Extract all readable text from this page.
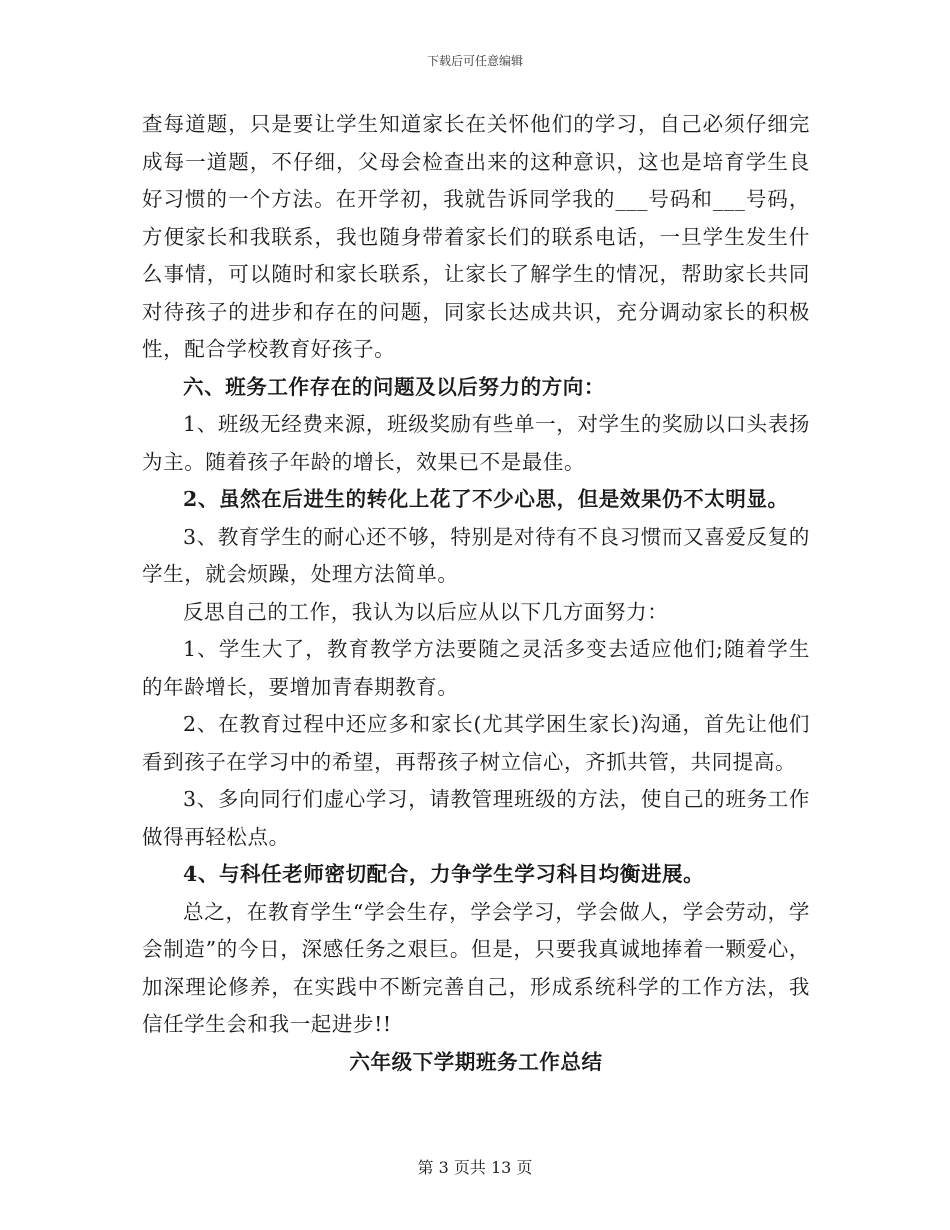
下载后可任意编辑

查每道题，只是要让学生知道家长在关怀他们的学习，自己必须仔细完成每一道题，不仔细，父母会检查出来的这种意识，这也是培育学生良好习惯的一个方法。在开学初，我就告诉同学我的___号码和___号码，方便家长和我联系，我也随身带着家长们的联系电话，一旦学生发生什么事情，可以随时和家长联系，让家长了解学生的情况，帮助家长共同对待孩子的进步和存在的问题，同家长达成共识，充分调动家长的积极性，配合学校教育好孩子。

六、班务工作存在的问题及以后努力的方向：

1、班级无经费来源，班级奖励有些单一，对学生的奖励以口头表扬为主。随着孩子年龄的增长，效果已不是最佳。

2、虽然在后进生的转化上花了不少心思，但是效果仍不太明显。

3、教育学生的耐心还不够，特别是对待有不良习惯而又喜爱反复的学生，就会烦躁，处理方法简单。

反思自己的工作，我认为以后应从以下几方面努力：

1、学生大了，教育教学方法要随之灵活多变去适应他们;随着学生的年龄增长，要增加青春期教育。

2、在教育过程中还应多和家长(尤其学困生家长)沟通，首先让他们看到孩子在学习中的希望，再帮孩子树立信心，齐抓共管，共同提高。

3、多向同行们虚心学习，请教管理班级的方法，使自己的班务工作做得再轻松点。

4、与科任老师密切配合，力争学生学习科目均衡进展。

总之，在教育学生“学会生存，学会学习，学会做人，学会劳动，学会制造”的今日，深感任务之艰巨。但是，只要我真诚地捧着一颗爱心，加深理论修养，在实践中不断完善自己，形成系统科学的工作方法，我信任学生会和我一起进步!!

六年级下学期班务工作总结

第 3 页共 13 页
